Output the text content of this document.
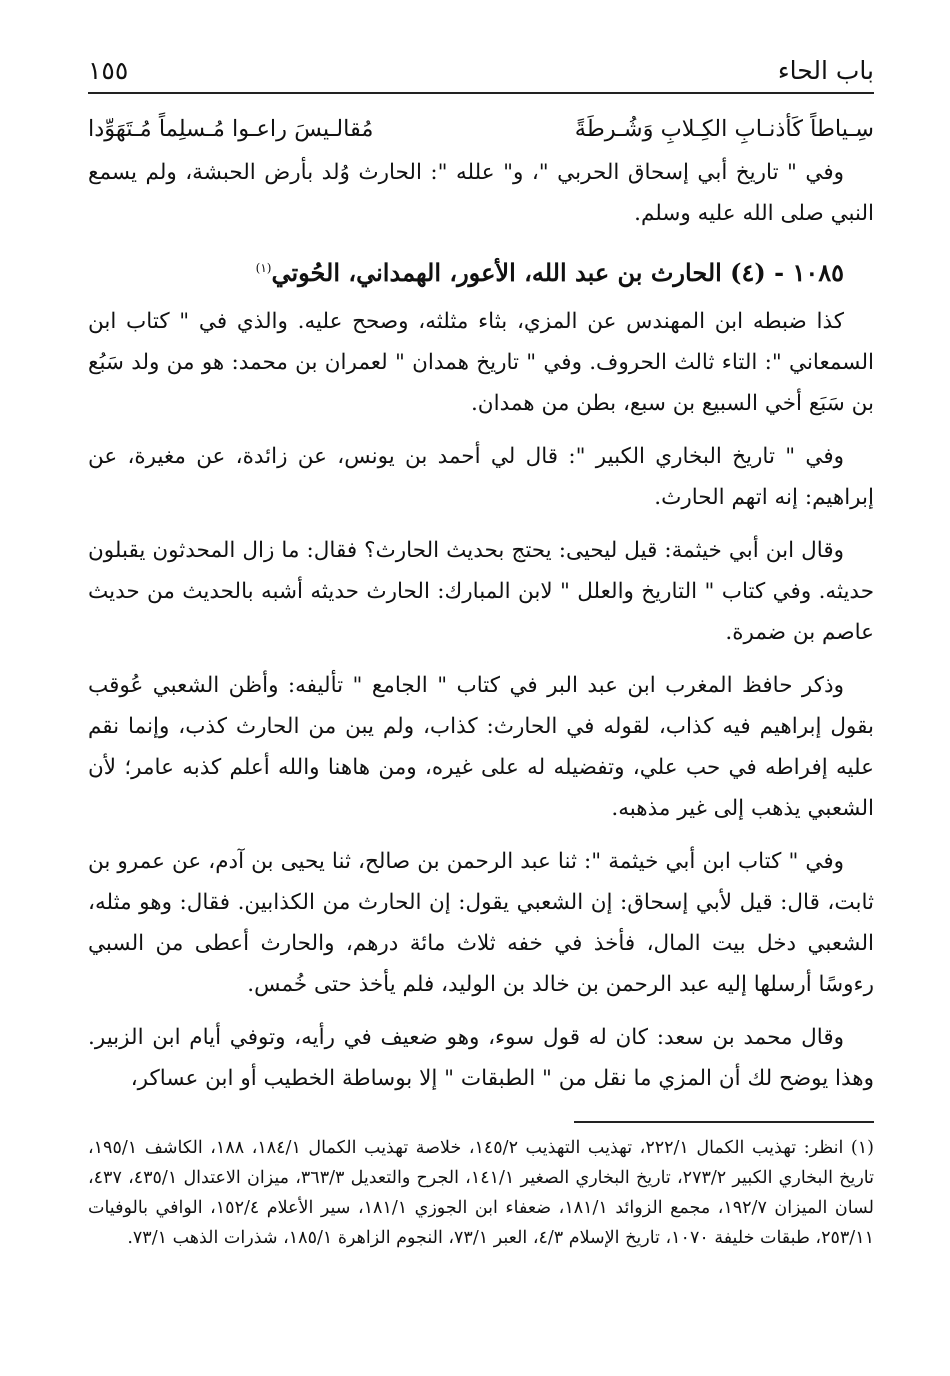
باب الحاء
١٥٥
سِـياطاً كَأذنـابِ الكِـلابِ وَشُـرطَةً
مُقالـيسَ راعـوا مُـسلِماً مُـتَهَوِّدا

وفي " تاريخ أبي إسحاق الحربي "، و" علله ": الحارث وُلد بأرض الحبشة، ولم يسمع النبي صلى الله عليه وسلم.

١٠٨٥ - (٤) الحارث بن عبد الله، الأعور، الهمداني، الحُوتي$^{(١)}$

كذا ضبطه ابن المهندس عن المزي، بثاء مثلثه، وصحح عليه. والذي في " كتاب ابن السمعاني ": التاء ثالث الحروف. وفي " تاريخ همدان " لعمران بن محمد: هو من ولد سَبُع بن سَبَع أخي السبيع بن سبع، بطن من همدان.

وفي " تاريخ البخاري الكبير ": قال لي أحمد بن يونس، عن زائدة، عن مغيرة، عن إبراهيم: إنه اتهم الحارث.

وقال ابن أبي خيثمة: قيل ليحيى: يحتج بحديث الحارث؟ فقال: ما زال المحدثون يقبلون حديثه. وفي كتاب " التاريخ والعلل " لابن المبارك: الحارث حديثه أشبه بالحديث من حديث عاصم بن ضمرة.

وذكر حافظ المغرب ابن عبد البر في كتاب " الجامع " تأليفه: وأظن الشعبي عُوقب بقول إبراهيم فيه كذاب، لقوله في الحارث: كذاب، ولم يبن من الحارث كذب، وإنما نقم عليه إفراطه في حب علي، وتفضيله له على غيره، ومن هاهنا والله أعلم كذبه عامر؛ لأن الشعبي يذهب إلى غير مذهبه.

وفي " كتاب ابن أبي خيثمة ": ثنا عبد الرحمن بن صالح، ثنا يحيى بن آدم، عن عمرو بن ثابت، قال: قيل لأبي إسحاق: إن الشعبي يقول: إن الحارث من الكذابين. فقال: وهو مثله، الشعبي دخل بيت المال، فأخذ في خفه ثلاث مائة درهم، والحارث أعطى من السبي رءوسًا أرسلها إليه عبد الرحمن بن خالد بن الوليد، فلم يأخذ حتى خُمس.

وقال محمد بن سعد: كان له قول سوء، وهو ضعيف في رأيه، وتوفي أيام ابن الزبير. وهذا يوضح لك أن المزي ما نقل من " الطبقات " إلا بوساطة الخطيب أو ابن عساكر،

(١) انظر: تهذيب الكمال ٢٢٢/١، تهذيب التهذيب ١٤٥/٢، خلاصة تهذيب الكمال ١٨٤/١، ١٨٨، الكاشف ١٩٥/١، تاريخ البخاري الكبير ٢٧٣/٢، تاريخ البخاري الصغير ١٤١/١، الجرح والتعديل ٣٦٣/٣، ميزان الاعتدال ٤٣٥/١، ٤٣٧، لسان الميزان ١٩٢/٧، مجمع الزوائد ١٨١/١، ضعفاء ابن الجوزي ١٨١/١، سير الأعلام ١٥٢/٤، الوافي بالوفيات ٢٥٣/١١، طبقات خليفة ١٠٧٠، تاريخ الإسلام ٤/٣، العبر ٧٣/١، النجوم الزاهرة ١٨٥/١، شذرات الذهب ٧٣/١.
